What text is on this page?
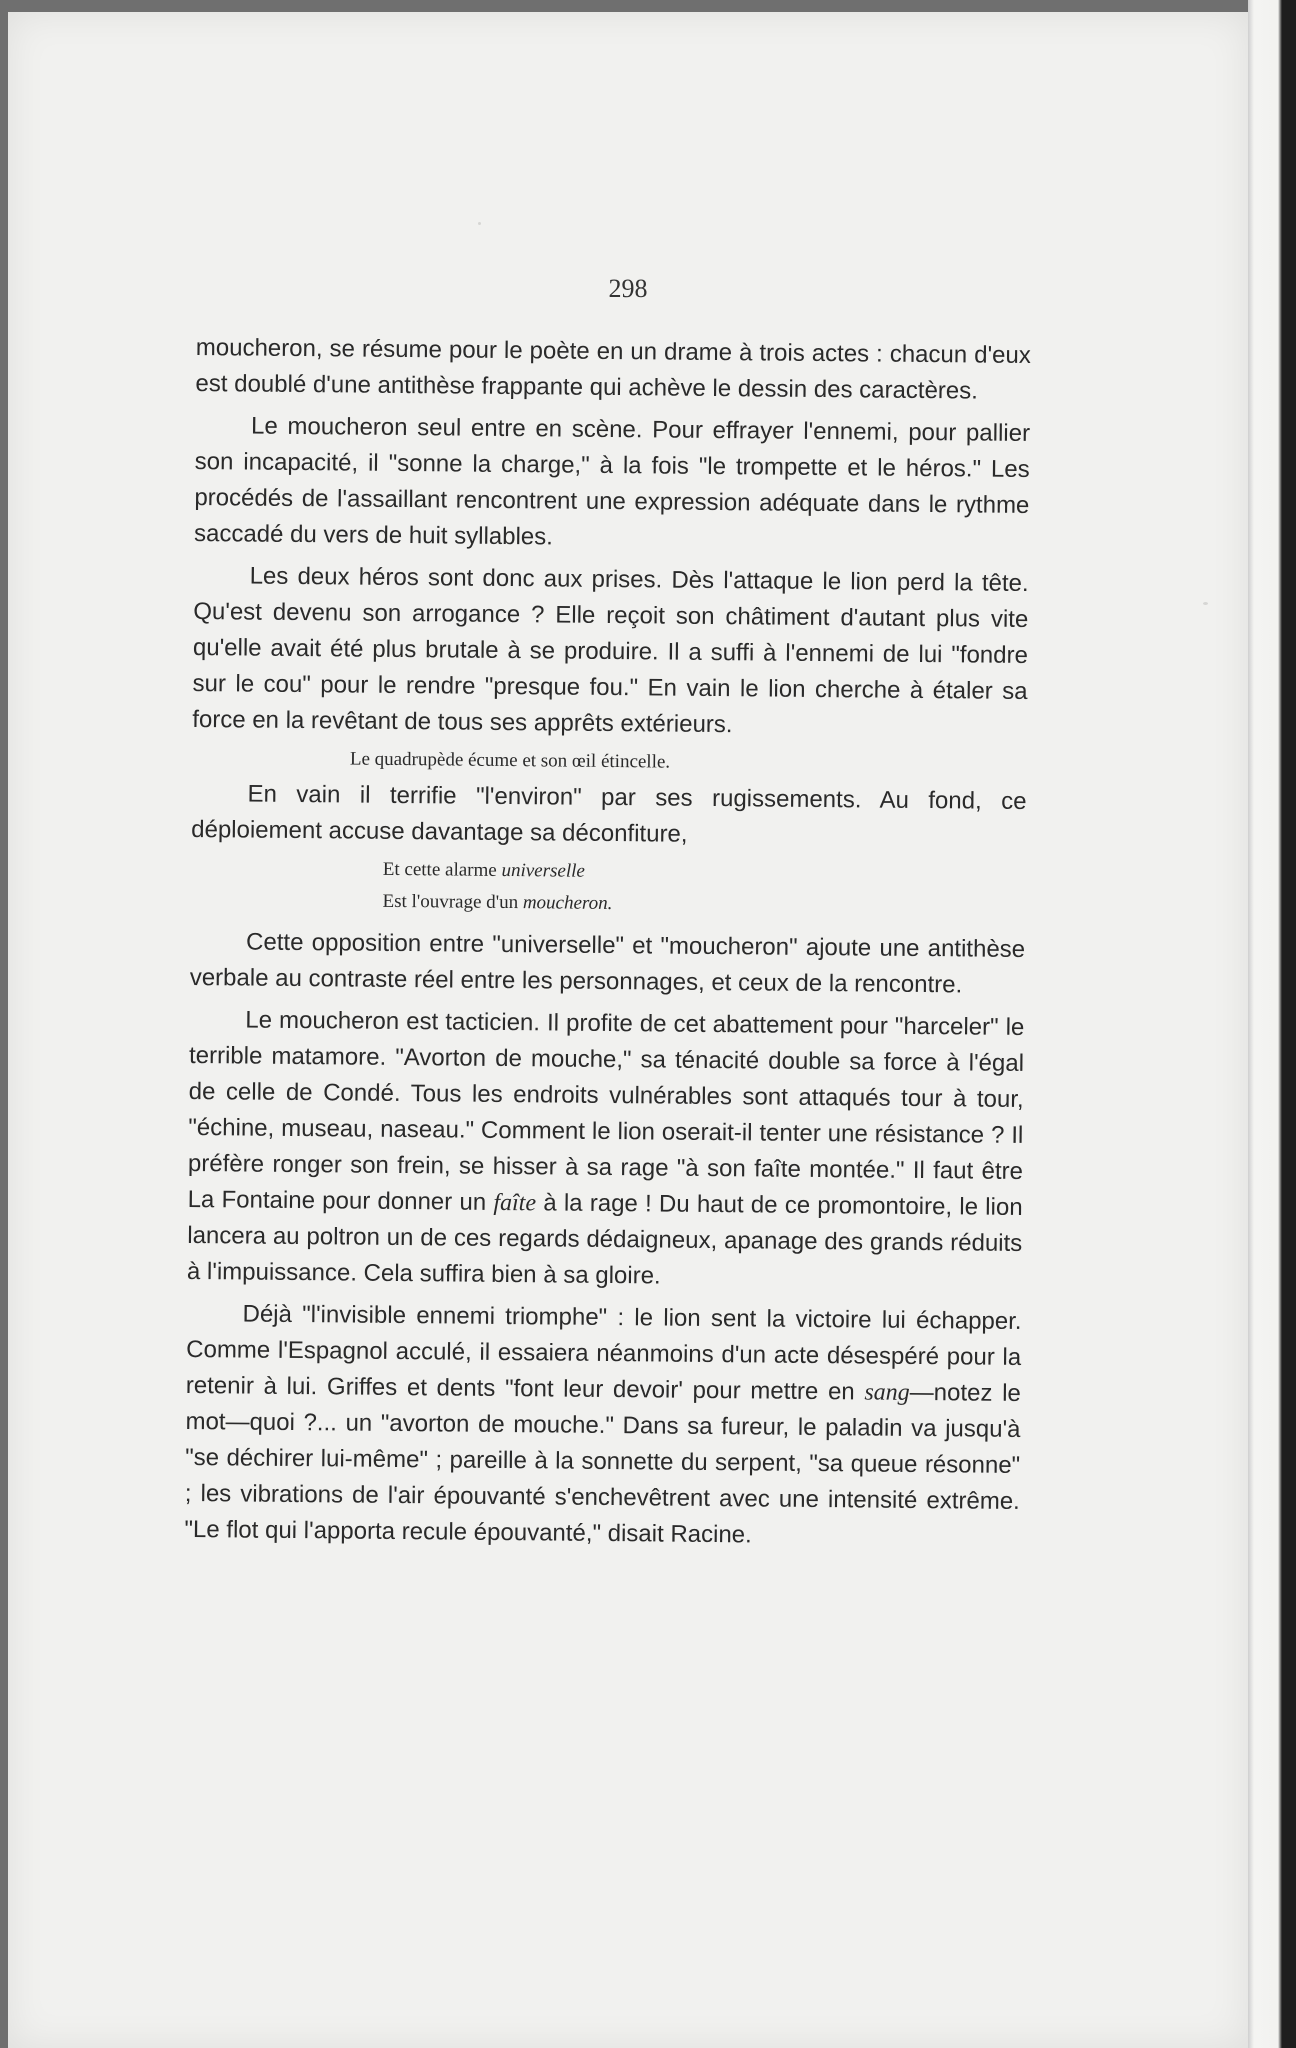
298

moucheron, se résume pour le poète en un drame à trois actes : chacun d'eux est doublé d'une antithèse frappante qui achève le dessin des caractères.

Le moucheron seul entre en scène. Pour effrayer l'ennemi, pour pallier son incapacité, il "sonne la charge," à la fois "le trompette et le héros." Les procédés de l'assaillant rencontrent une expression adéquate dans le rythme saccadé du vers de huit syllables.

Les deux héros sont donc aux prises. Dès l'attaque le lion perd la tête. Qu'est devenu son arrogance ? Elle reçoit son châtiment d'autant plus vite qu'elle avait été plus brutale à se produire. Il a suffi à l'ennemi de lui "fondre sur le cou" pour le rendre "presque fou." En vain le lion cherche à étaler sa force en la revêtant de tous ses apprêts extérieurs.

Le quadrupède écume et son œil étincelle.

En vain il terrifie "l'environ" par ses rugissements. Au fond, ce déploiement accuse davantage sa déconfiture,

Et cette alarme universelle
Est l'ouvrage d'un moucheron.

Cette opposition entre "universelle" et "moucheron" ajoute une antithèse verbale au contraste réel entre les personnages, et ceux de la rencontre.

Le moucheron est tacticien. Il profite de cet abattement pour "harceler" le terrible matamore. "Avorton de mouche," sa ténacité double sa force à l'égal de celle de Condé. Tous les endroits vulnérables sont attaqués tour à tour, "échine, museau, naseau." Comment le lion oserait-il tenter une résistance ? Il préfère ronger son frein, se hisser à sa rage "à son faîte montée." Il faut être La Fontaine pour donner un faîte à la rage ! Du haut de ce promontoire, le lion lancera au poltron un de ces regards dédaigneux, apanage des grands réduits à l'impuissance. Cela suffira bien à sa gloire.

Déjà "l'invisible ennemi triomphe" : le lion sent la victoire lui échapper. Comme l'Espagnol acculé, il essaiera néanmoins d'un acte désespéré pour la retenir à lui. Griffes et dents "font leur devoir' pour mettre en sang—notez le mot—quoi ?... un "avorton de mouche." Dans sa fureur, le paladin va jusqu'à "se déchirer lui-même" ; pareille à la sonnette du serpent, "sa queue résonne" ; les vibrations de l'air épouvanté s'enchevêtrent avec une intensité extrême. "Le flot qui l'apporta recule épouvanté," disait Racine.
